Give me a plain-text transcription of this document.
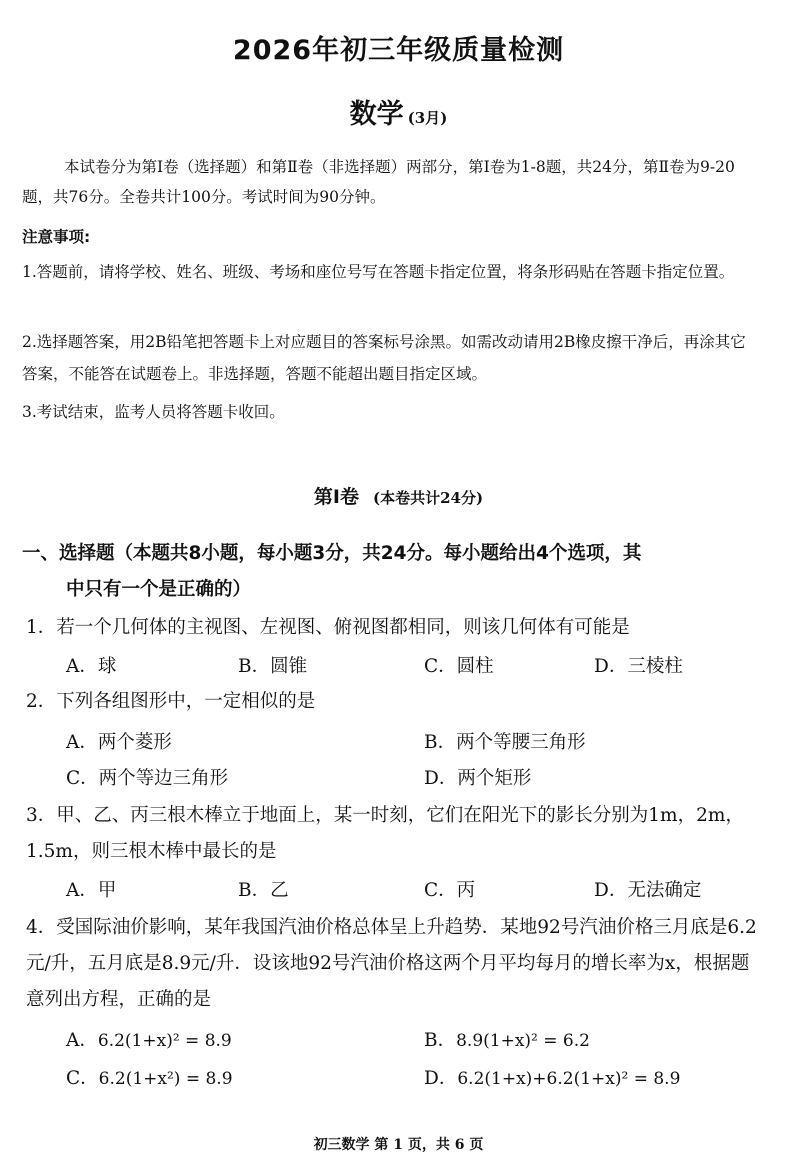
2026年初三年级质量检测
数学 (3月)
本试卷分为第Ⅰ卷（选择题）和第Ⅱ卷（非选择题）两部分，第Ⅰ卷为1-8题，共24分，第Ⅱ卷为9-20题，共76分。全卷共计100分。考试时间为90分钟。
注意事项:
1.答题前，请将学校、姓名、班级、考场和座位号写在答题卡指定位置，将条形码贴在答题卡指定位置。
2.选择题答案，用2B铅笔把答题卡上对应题目的答案标号涂黑。如需改动请用2B橡皮擦干净后，再涂其它答案，不能答在试题卷上。非选择题，答题不能超出题目指定区域。
3.考试结束，监考人员将答题卡收回。
第Ⅰ卷 (本卷共计24分)
一、选择题（本题共8小题，每小题3分，共24分。每小题给出4个选项，其
中只有一个是正确的）
1．若一个几何体的主视图、左视图、俯视图都相同，则该几何体有可能是
A．球	B．圆锥	C．圆柱	D．三棱柱
2．下列各组图形中，一定相似的是
A．两个菱形	B．两个等腰三角形
C．两个等边三角形	D．两个矩形
3．甲、乙、丙三根木棒立于地面上，某一时刻，它们在阳光下的影长分别为1m，2m，1.5m，则三根木棒中最长的是
A．甲	B．乙	C．丙	D．无法确定
4．受国际油价影响，某年我国汽油价格总体呈上升趋势．某地92号汽油价格三月底是6.2元/升，五月底是8.9元/升．设该地92号汽油价格这两个月平均每月的增长率为x，根据题意列出方程，正确的是
A．6.2(1+x)² = 8.9	B．8.9(1+x)² = 6.2
C．6.2(1+x²) = 8.9	D．6.2(1+x)+6.2(1+x)² = 8.9
初三数学 第 1 页，共 6 页
